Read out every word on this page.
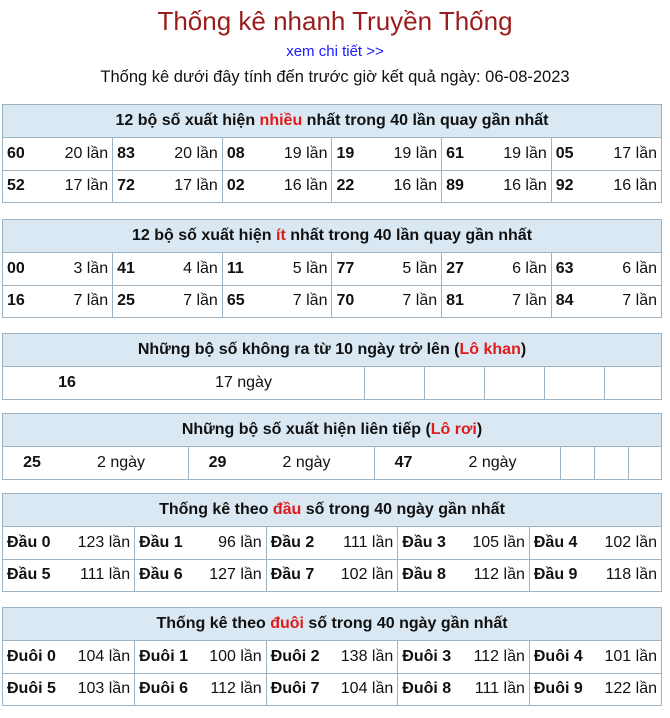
Thống kê nhanh Truyền Thống
xem chi tiết >>
Thống kê dưới đây tính đến trước giờ kết quả ngày: 06-08-2023
12 bộ số xuất hiện nhiều nhất trong 40 lần quay gần nhất
60 20 lần	83 20 lần	08 19 lần	19 19 lần	61 19 lần	05 17 lần

52 17 lần	72 17 lần	02 16 lần	22 16 lần	89 16 lần	92 16 lần
12 bộ số xuất hiện ít nhất trong 40 lần quay gần nhất
00 3 lần	41 4 lần	11 5 lần	77 5 lần	27 6 lần	63 6 lần

16 7 lần	25 7 lần	65 7 lần	70 7 lần	81 7 lần	84 7 lần
Những bộ số không ra từ 10 ngày trở lên (Lô khan)
16	17 ngày					
Những bộ số xuất hiện liên tiếp (Lô rơi)
25	2 ngày	29	2 ngày	47	2 ngày			
Thống kê theo đầu số trong 40 ngày gần nhất
Đầu 0 123 lần	Đầu 1 96 lần	Đầu 2 111 lần	Đầu 3 105 lần	Đầu 4 102 lần

Đầu 5 111 lần	Đầu 6 127 lần	Đầu 7 102 lần	Đầu 8 112 lần	Đầu 9 118 lần
Thống kê theo đuôi số trong 40 ngày gần nhất
Đuôi 0 104 lần	Đuôi 1 100 lần	Đuôi 2 138 lần	Đuôi 3 112 lần	Đuôi 4 101 lần

Đuôi 5 103 lần	Đuôi 6 112 lần	Đuôi 7 104 lần	Đuôi 8 111 lần	Đuôi 9 122 lần
